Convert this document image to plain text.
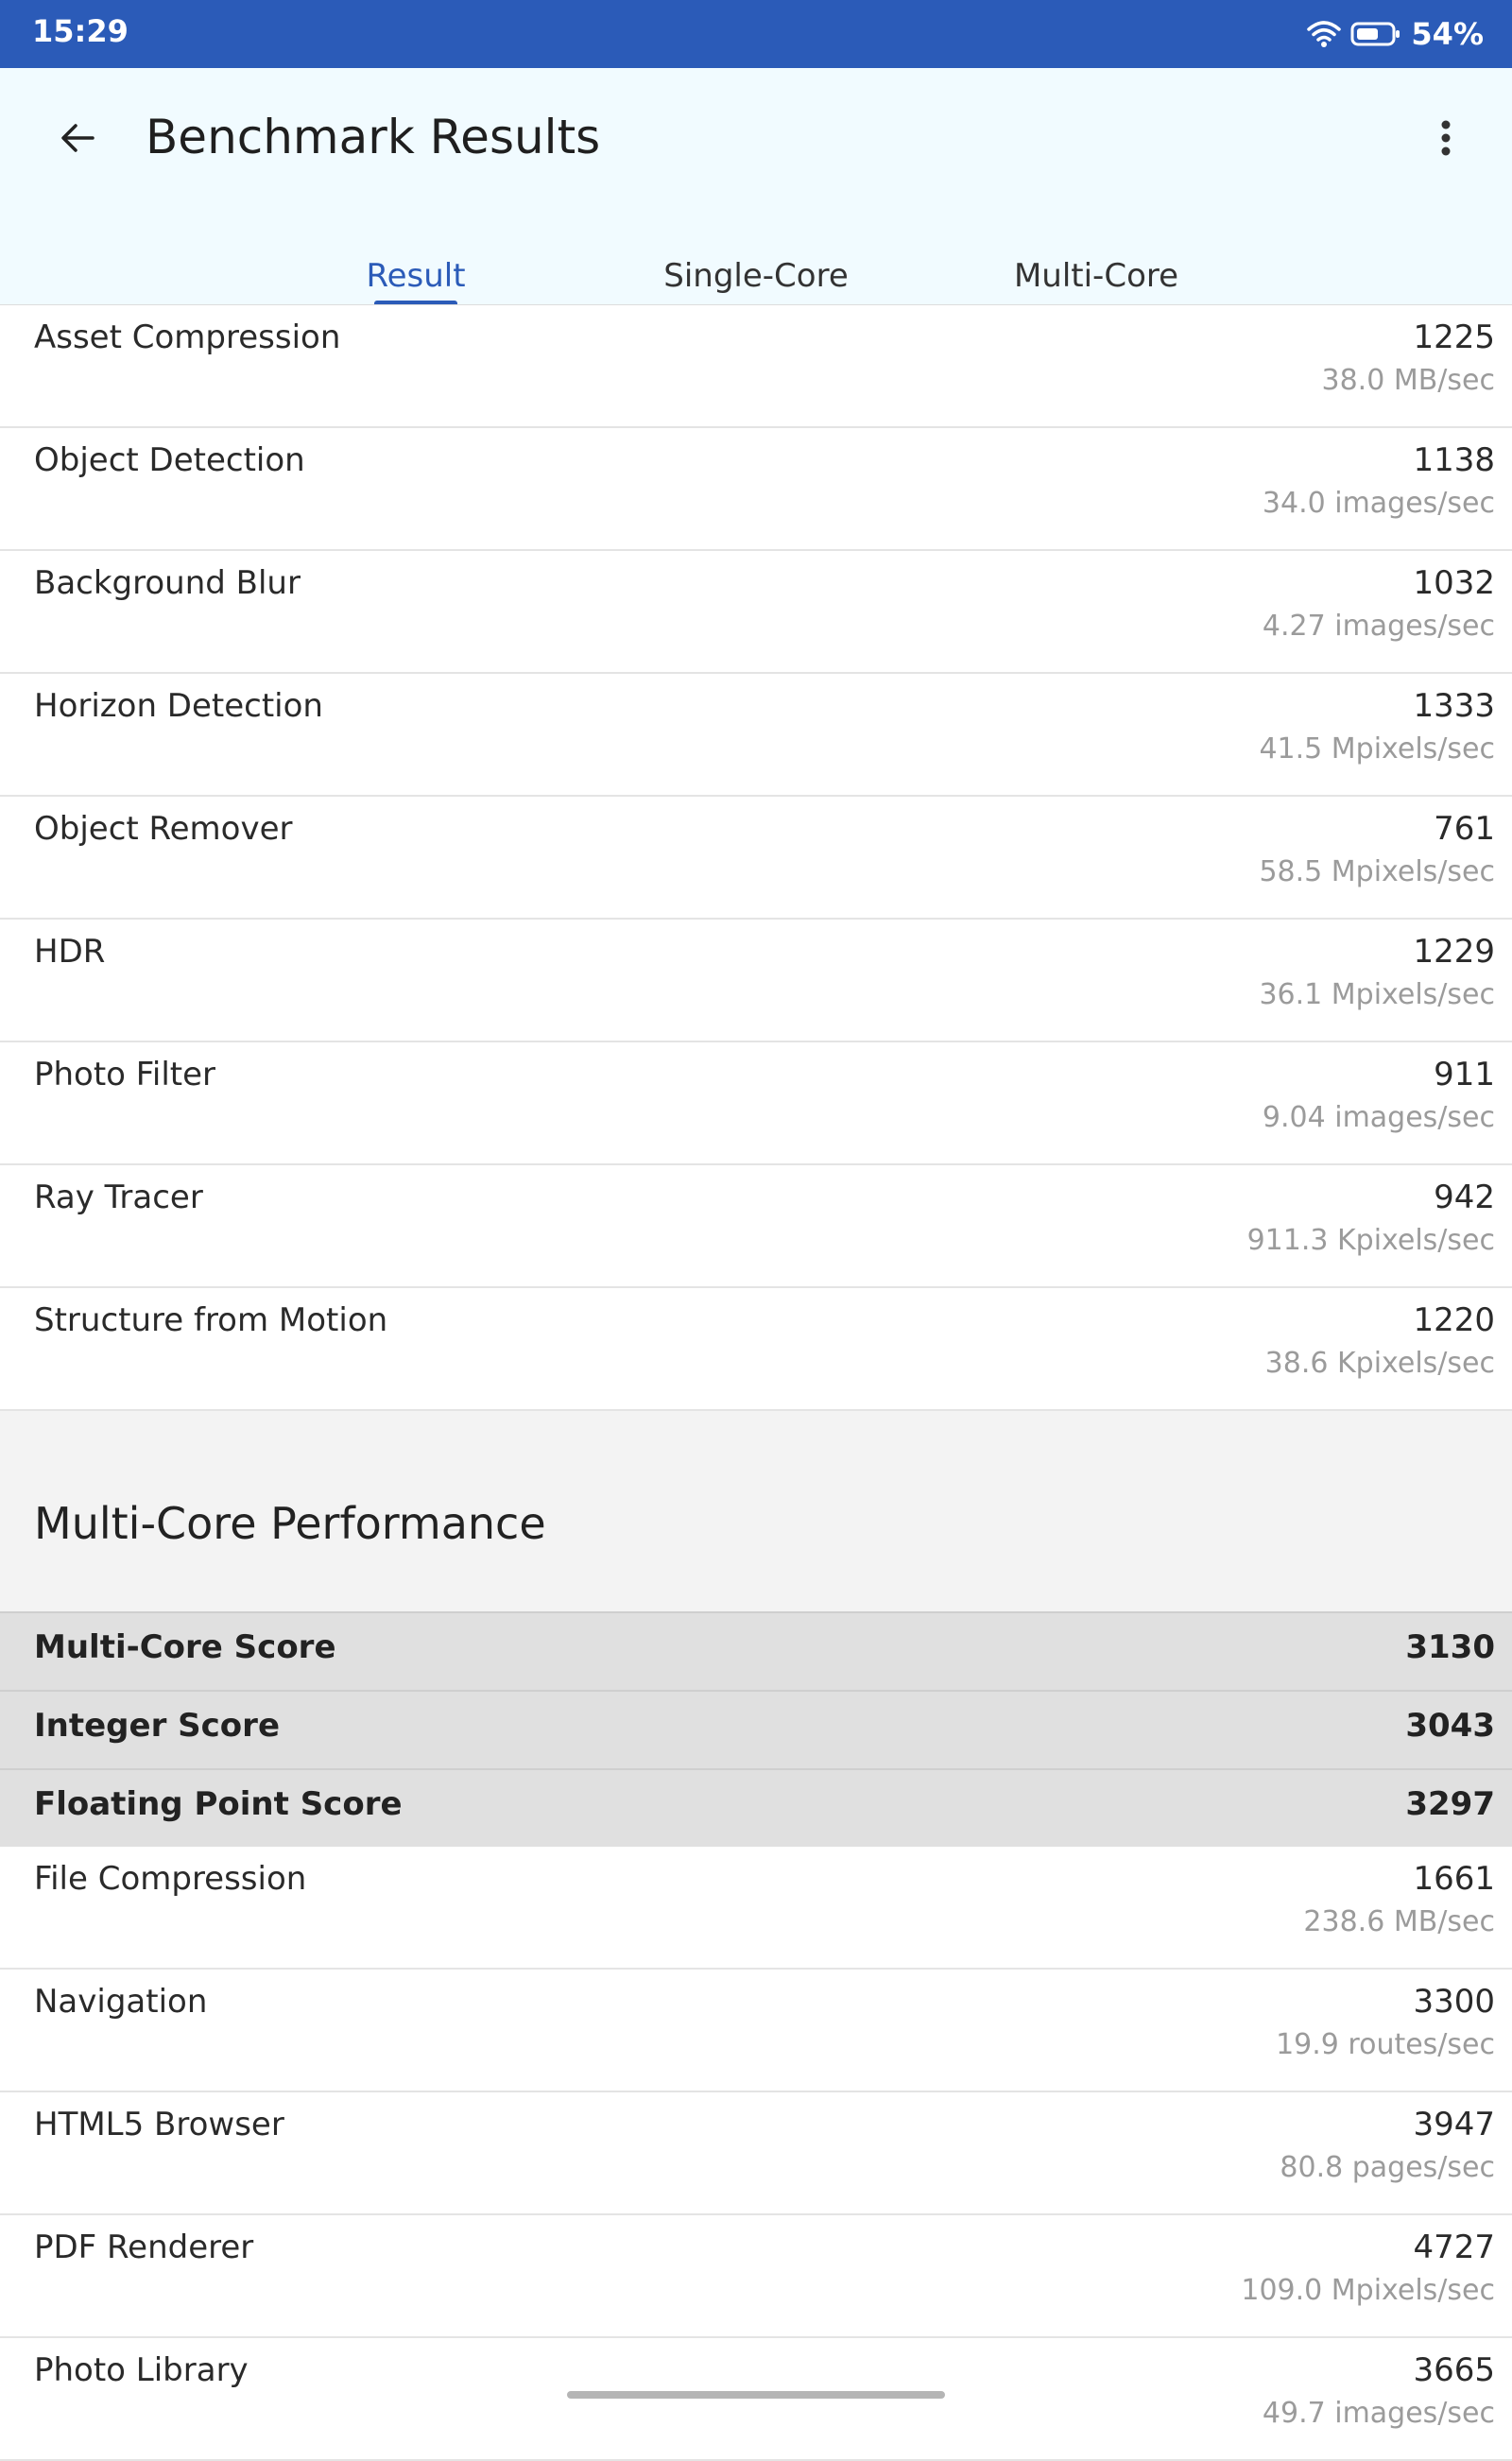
15:29	54%
Benchmark Results
Result	Single-Core	Multi-Core
Asset Compression	1225
38.0 MB/sec
Object Detection	1138
34.0 images/sec
Background Blur	1032
4.27 images/sec
Horizon Detection	1333
41.5 Mpixels/sec
Object Remover	761
58.5 Mpixels/sec
HDR	1229
36.1 Mpixels/sec
Photo Filter	911
9.04 images/sec
Ray Tracer	942
911.3 Kpixels/sec
Structure from Motion	1220
38.6 Kpixels/sec
Multi-Core Performance
Multi-Core Score	3130
Integer Score	3043
Floating Point Score	3297
File Compression	1661
238.6 MB/sec
Navigation	3300
19.9 routes/sec
HTML5 Browser	3947
80.8 pages/sec
PDF Renderer	4727
109.0 Mpixels/sec
Photo Library	3665
49.7 images/sec
